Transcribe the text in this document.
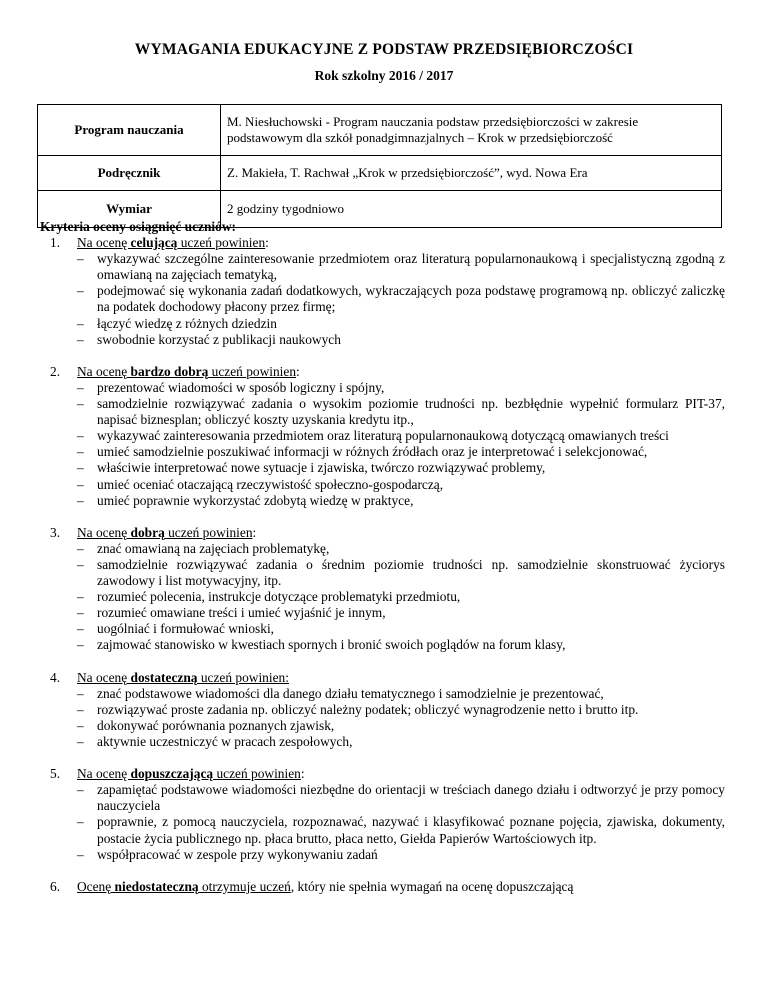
WYMAGANIA EDUKACYJNE Z PODSTAW PRZEDSIĘBIORCZOŚCI
Rok szkolny 2016 / 2017
Program nauczania	M. Niesłuchowski - Program nauczania podstaw przedsiębiorczości w zakresie podstawowym dla szkół ponadgimnazjalnych – Krok w przedsiębiorczość
Podręcznik	Z. Makieła, T. Rachwał „Krok w przedsiębiorczość”, wyd. Nowa Era
Wymiar	2 godziny tygodniowo

Kryteria oceny osiągnięć uczniów:

1. Na ocenę celującą uczeń powinien:
– wykazywać szczególne zainteresowanie przedmiotem oraz literaturą popularnonaukową i specjalistyczną zgodną z omawianą na zajęciach tematyką,
– podejmować się wykonania zadań dodatkowych, wykraczających poza podstawę programową np. obliczyć zaliczkę na podatek dochodowy płacony przez firmę;
– łączyć wiedzę z różnych dziedzin
– swobodnie korzystać z publikacji naukowych
2. Na ocenę bardzo dobrą uczeń powinien:
– prezentować wiadomości w sposób logiczny i spójny,
– samodzielnie rozwiązywać zadania o wysokim poziomie trudności np. bezbłędnie wypełnić formularz PIT-37, napisać biznesplan; obliczyć koszty uzyskania kredytu itp.,
– wykazywać zainteresowania przedmiotem oraz literaturą popularnonaukową dotyczącą omawianych treści
– umieć samodzielnie poszukiwać informacji w różnych źródłach oraz je interpretować i selekcjonować,
– właściwie interpretować nowe sytuacje i zjawiska, twórczo rozwiązywać problemy,
– umieć oceniać otaczającą rzeczywistość społeczno-gospodarczą,
– umieć poprawnie wykorzystać zdobytą wiedzę w praktyce,
3. Na ocenę dobrą uczeń powinien:
– znać omawianą na zajęciach problematykę,
– samodzielnie rozwiązywać zadania o średnim poziomie trudności np. samodzielnie skonstruować życiorys zawodowy i list motywacyjny, itp.
– rozumieć polecenia, instrukcje dotyczące problematyki przedmiotu,
– rozumieć omawiane treści i umieć wyjaśnić je innym,
– uogólniać i formułować wnioski,
– zajmować stanowisko w kwestiach spornych i bronić swoich poglądów na forum klasy,
4. Na ocenę dostateczną uczeń powinien:
– znać podstawowe wiadomości dla danego działu tematycznego i samodzielnie je prezentować,
– rozwiązywać proste zadania np. obliczyć należny podatek; obliczyć wynagrodzenie netto i brutto itp.
– dokonywać porównania poznanych zjawisk,
– aktywnie uczestniczyć w pracach zespołowych,
5. Na ocenę dopuszczającą uczeń powinien:
– zapamiętać podstawowe wiadomości niezbędne do orientacji w treściach danego działu i odtworzyć je przy pomocy nauczyciela
– poprawnie, z pomocą nauczyciela, rozpoznawać, nazywać i klasyfikować poznane pojęcia, zjawiska, dokumenty, postacie życia publicznego np. płaca brutto, płaca netto, Giełda Papierów Wartościowych itp.
– współpracować w zespole przy wykonywaniu zadań
6. Ocenę niedostateczną otrzymuje uczeń, który nie spełnia wymagań na ocenę dopuszczającą
